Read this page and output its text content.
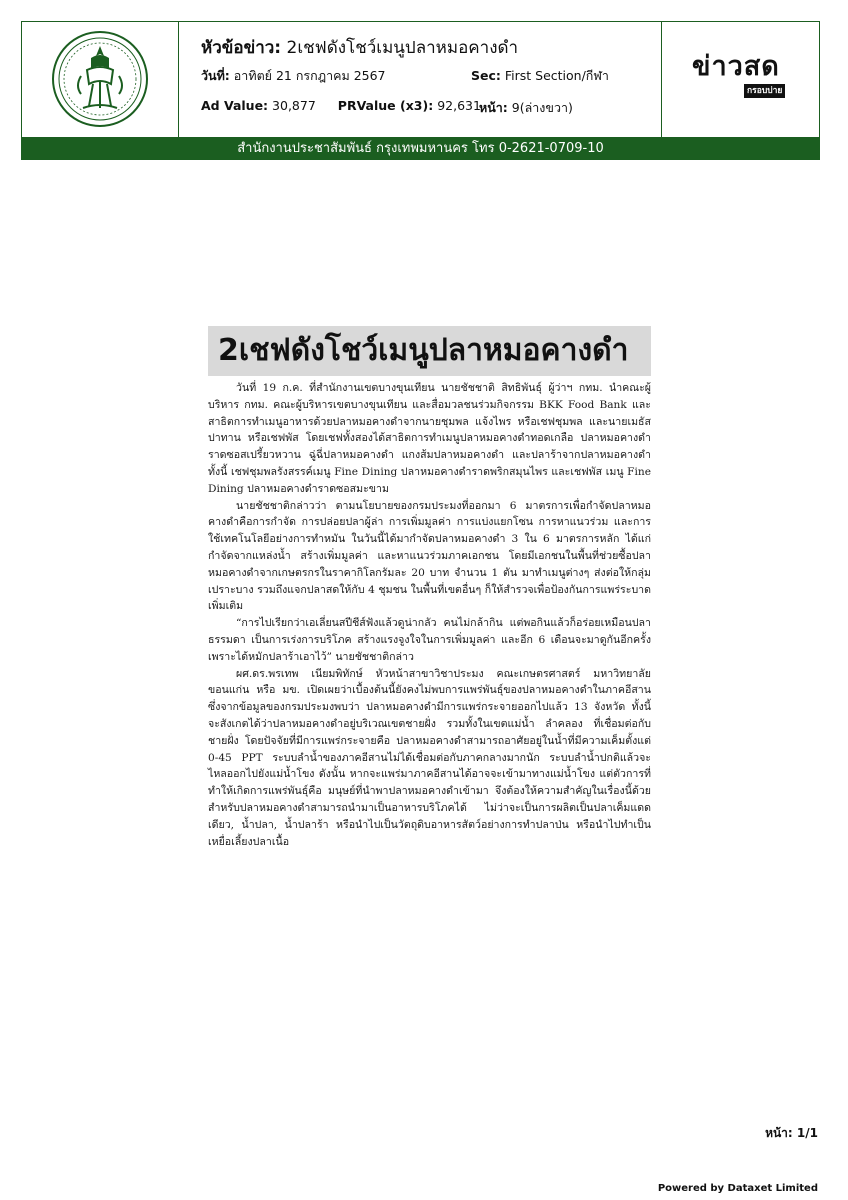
หัวข้อข่าว: 2เชฟดังโชว์เมนูปลาหมอคางดำ
วันที่: อาทิตย์ 21 กรกฎาคม 2567	Sec: First Section/กีฬา
Ad Value: 30,877 PRValue (x3): 92,631
หน้า: 9(ล่างขวา)
ข่าวสด
กรอบบ่าย
สำนักงานประชาสัมพันธ์ กรุงเทพมหานคร โทร 0-2621-0709-10
2เชฟดังโชว์เมนูปลาหมอคางดำ

วันที่ 19 ก.ค. ที่สำนักงานเขตบางขุนเทียน นายชัชชาติ สิทธิพันธุ์ ผู้ว่าฯ กทม. นำคณะผู้บริหาร กทม. คณะผู้บริหารเขตบางขุนเทียน และสื่อมวลชนร่วมกิจกรรม BKK Food Bank และสาธิตการทำเมนูอาหารด้วยปลาหมอคางดำจากนายชุมพล แจ้งไพร หรือเชฟชุมพล และนายเมธัส ปาทาน หรือเชฟพัส โดยเชฟทั้งสองได้สาธิตการทำเมนูปลาหมอคางดำทอดเกลือ ปลาหมอคางดำราดซอสเปรี้ยวหวาน ฉู่ฉี่ปลาหมอคางดำ แกงส้มปลาหมอคางดำ และปลาร้าจากปลาหมอคางดำ ทั้งนี้ เชฟชุมพลรังสรรค์เมนู Fine Dining ปลาหมอคางดำราดพริกสมุนไพร และเชฟพัส เมนู Fine Dining ปลาหมอคางดำราดซอสมะขาม

นายชัชชาติกล่าวว่า ตามนโยบายของกรมประมงที่ออกมา 6 มาตรการเพื่อกำจัดปลาหมอคางดำคือการกำจัด การปล่อยปลาผู้ล่า การเพิ่มมูลค่า การแบ่งแยกโซน การหาแนวร่วม และการใช้เทคโนโลยีอย่างการทำหมัน ในวันนี้ได้มากำจัดปลาหมอคางดำ 3 ใน 6 มาตรการหลัก ได้แก่ กำจัดจากแหล่งน้ำ สร้างเพิ่มมูลค่า และหาแนวร่วมภาคเอกชน โดยมีเอกชนในพื้นที่ช่วยซื้อปลาหมอคางดำจากเกษตรกรในราคากิโลกรัมละ 20 บาท จำนวน 1 ตัน มาทำเมนูต่างๆ ส่งต่อให้กลุ่มเปราะบาง รวมถึงแจกปลาสดให้กับ 4 ชุมชน ในพื้นที่เขตอื่นๆ ก็ให้สำรวจเพื่อป้องกันการแพร่ระบาดเพิ่มเติม

“การไปเรียกว่าเอเลี่ยนสปีชีส์ฟังแล้วดูน่ากลัว คนไม่กล้ากิน แต่พอกินแล้วก็อร่อยเหมือนปลาธรรมดา เป็นการเร่งการบริโภค สร้างแรงจูงใจในการเพิ่มมูลค่า และอีก 6 เดือนจะมาดูกันอีกครั้งเพราะได้หมักปลาร้าเอาไว้” นายชัชชาติกล่าว

ผศ.ดร.พรเทพ เนียมพิทักษ์ หัวหน้าสาขาวิชาประมง คณะเกษตรศาสตร์ มหาวิทยาลัยขอนแก่น หรือ มข. เปิดเผยว่าเบื้องต้นนี้ยังคงไม่พบการแพร่พันธุ์ของปลาหมอคางดำในภาคอีสาน ซึ่งจากข้อมูลของกรมประมงพบว่า ปลาหมอคางดำมีการแพร่กระจายออกไปแล้ว 13 จังหวัด ทั้งนี้ จะสังเกตได้ว่าปลาหมอคางดำอยู่บริเวณเขตชายฝั่ง รวมทั้งในเขตแม่น้ำ ลำคลอง ที่เชื่อมต่อกับชายฝั่ง โดยปัจจัยที่มีการแพร่กระจายคือ ปลาหมอคางดำสามารถอาศัยอยู่ในน้ำที่มีความเค็มตั้งแต่ 0-45 PPT ระบบลำน้ำของภาคอีสานไม่ได้เชื่อมต่อกับภาคกลางมากนัก ระบบลำน้ำปกติแล้วจะไหลออกไปยังแม่น้ำโขง ดังนั้น หากจะแพร่มาภาคอีสานได้อาจจะเข้ามาทางแม่น้ำโขง แต่ตัวการที่ทำให้เกิดการแพร่พันธุ์คือ มนุษย์ที่นำพาปลาหมอคางดำเข้ามา จึงต้องให้ความสำคัญในเรื่องนี้ด้วย สำหรับปลาหมอคางดำสามารถนำมาเป็นอาหารบริโภคได้ ไม่ว่าจะเป็นการผลิตเป็นปลาเค็มแดดเดียว, น้ำปลา, น้ำปลาร้า หรือนำไปเป็นวัตถุดิบอาหารสัตว์อย่างการทำปลาป่น หรือนำไปทำเป็นเหยื่อเลี้ยงปลาเนื้อ

หน้า: 1/1
Powered by Dataxet Limited
